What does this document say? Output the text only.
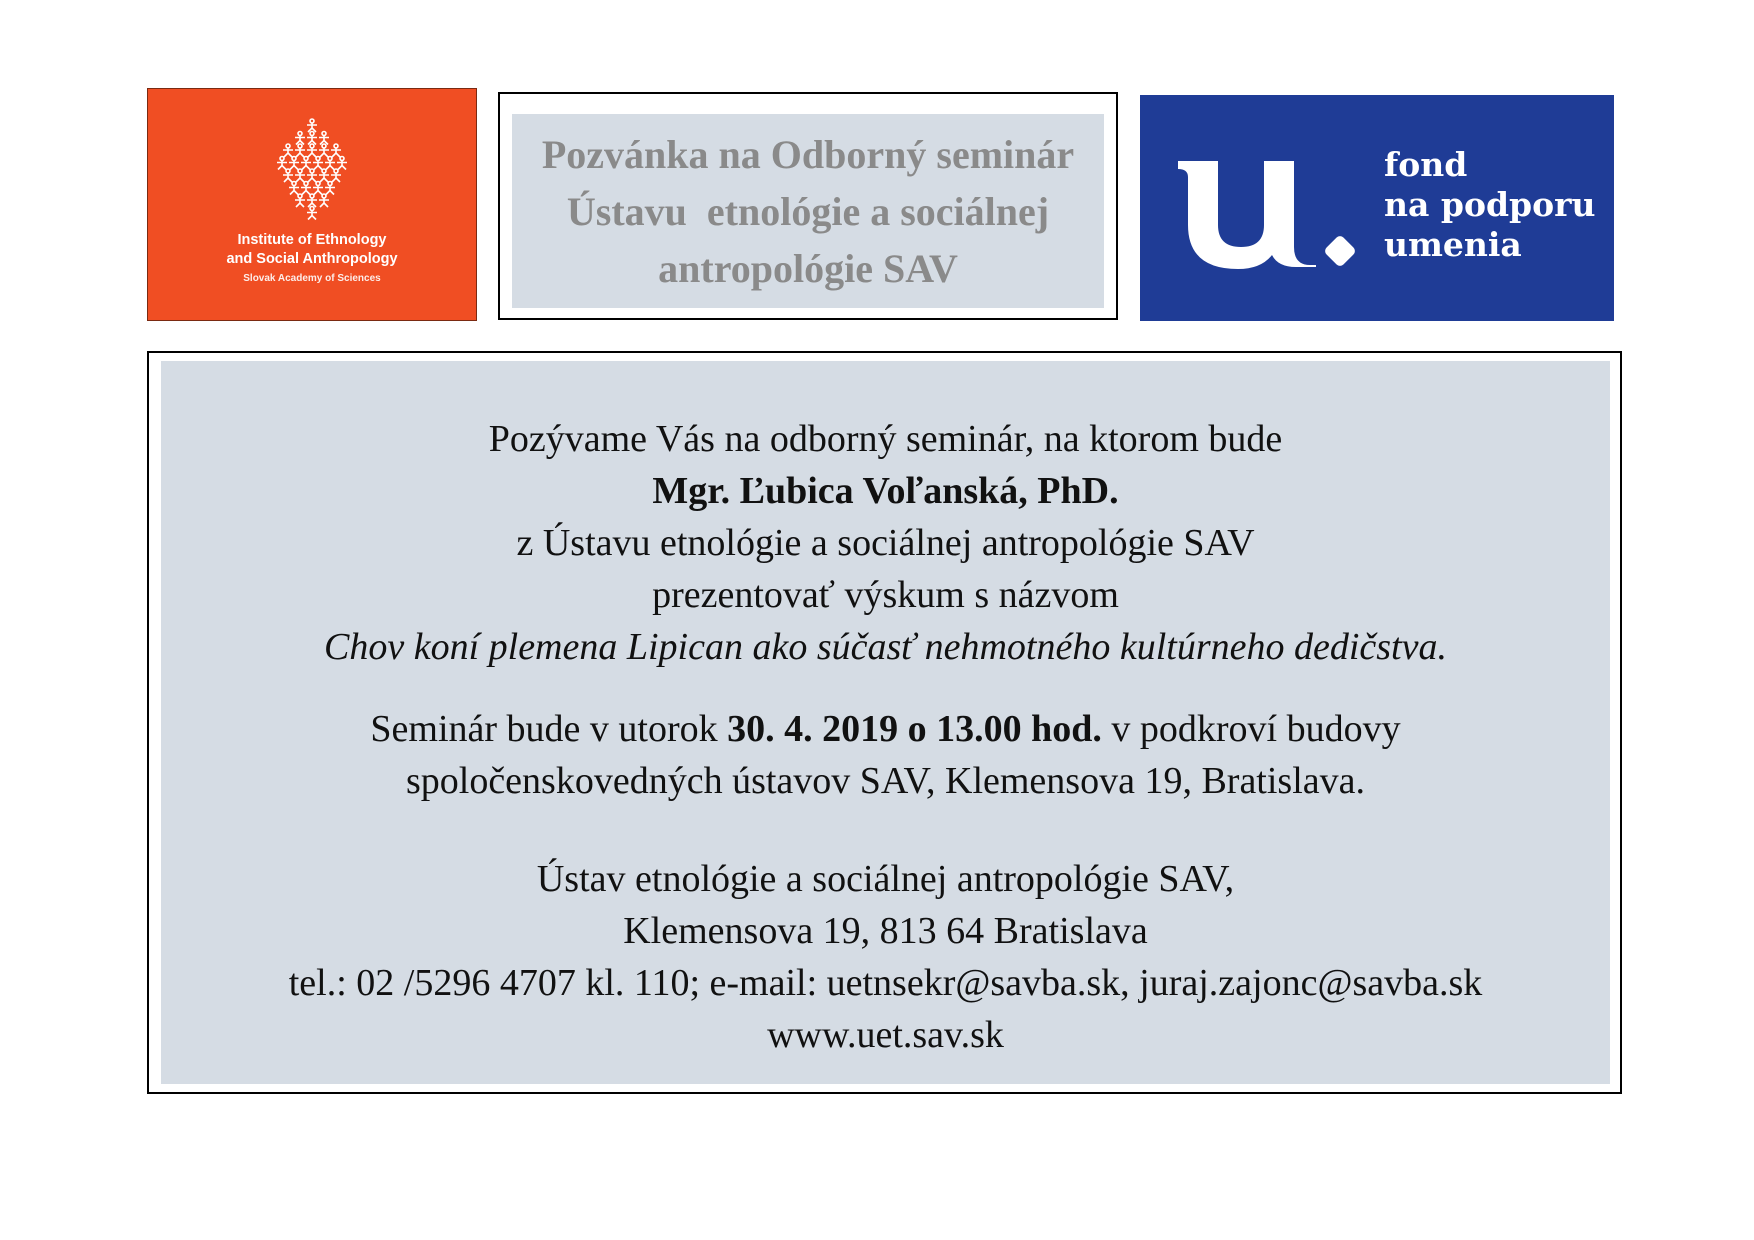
Institute of Ethnology
and Social Anthropology
Slovak Academy of Sciences
Pozvánka na Odborný seminár
Ústavu  etnológie a sociálnej
antropológie SAV
fond
na podporu
umenia
Pozývame Vás na odborný seminár, na ktorom bude
Mgr. Ľubica Voľanská, PhD.
z Ústavu etnológie a sociálnej antropológie SAV
prezentovať výskum s názvom
Chov koní plemena Lipican ako súčasť nehmotného kultúrneho dedičstva.
Seminár bude v utorok 30. 4. 2019 o 13.00 hod. v podkroví budovy
spoločenskovedných ústavov SAV, Klemensova 19, Bratislava.
Ústav etnológie a sociálnej antropológie SAV,
Klemensova 19, 813 64 Bratislava
tel.: 02 /5296 4707 kl. 110; e-mail: uetnsekr@savba.sk, juraj.zajonc@savba.sk
www.uet.sav.sk
